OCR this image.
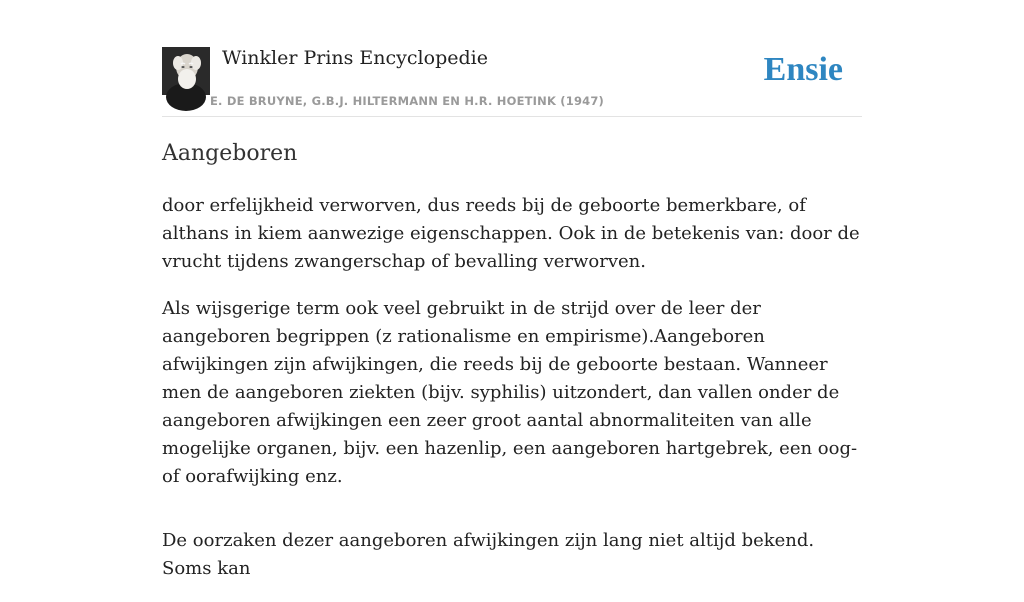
Winkler Prins Encyclopedie
E. DE BRUYNE, G.B.J. HILTERMANN EN H.R. HOETINK (1947)
Ensie
Aangeboren

door erfelijkheid verworven, dus reeds bij de geboorte bemerkbare, of althans in kiem aanwezige eigenschappen. Ook in de betekenis van: door de vrucht tijdens zwangerschap of bevalling verworven.

Als wijsgerige term ook veel gebruikt in de strijd over de leer der aangeboren begrippen (z rationalisme en empirisme).Aangeboren afwijkingen zijn afwijkingen, die reeds bij de geboorte bestaan. Wanneer men de aangeboren ziekten (bijv. syphilis) uitzondert, dan vallen onder de aangeboren afwijkingen een zeer groot aantal abnormaliteiten van alle mogelijke organen, bijv. een hazenlip, een aangeboren hartgebrek, een oog- of oorafwijking enz.

De oorzaken dezer aangeboren afwijkingen zijn lang niet altijd bekend. Soms kan
